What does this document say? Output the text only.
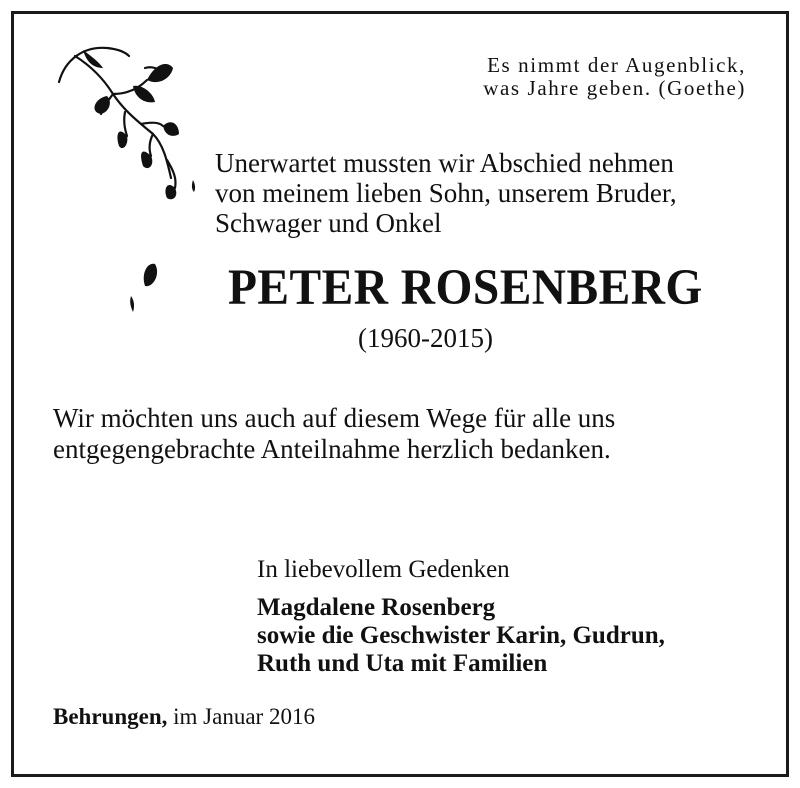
Es nimmt der Augenblick,
was Jahre geben. (Goethe)
Unerwartet mussten wir Abschied nehmen
von meinem lieben Sohn, unserem Bruder,
Schwager und Onkel
PETER ROSENBERG
(1960-2015)
Wir möchten uns auch auf diesem Wege für alle uns
entgegengebrachte Anteilnahme herzlich bedanken.
In liebevollem Gedenken
Magdalene Rosenberg
sowie die Geschwister Karin, Gudrun,
Ruth und Uta mit Familien
Behrungen, im Januar 2016
